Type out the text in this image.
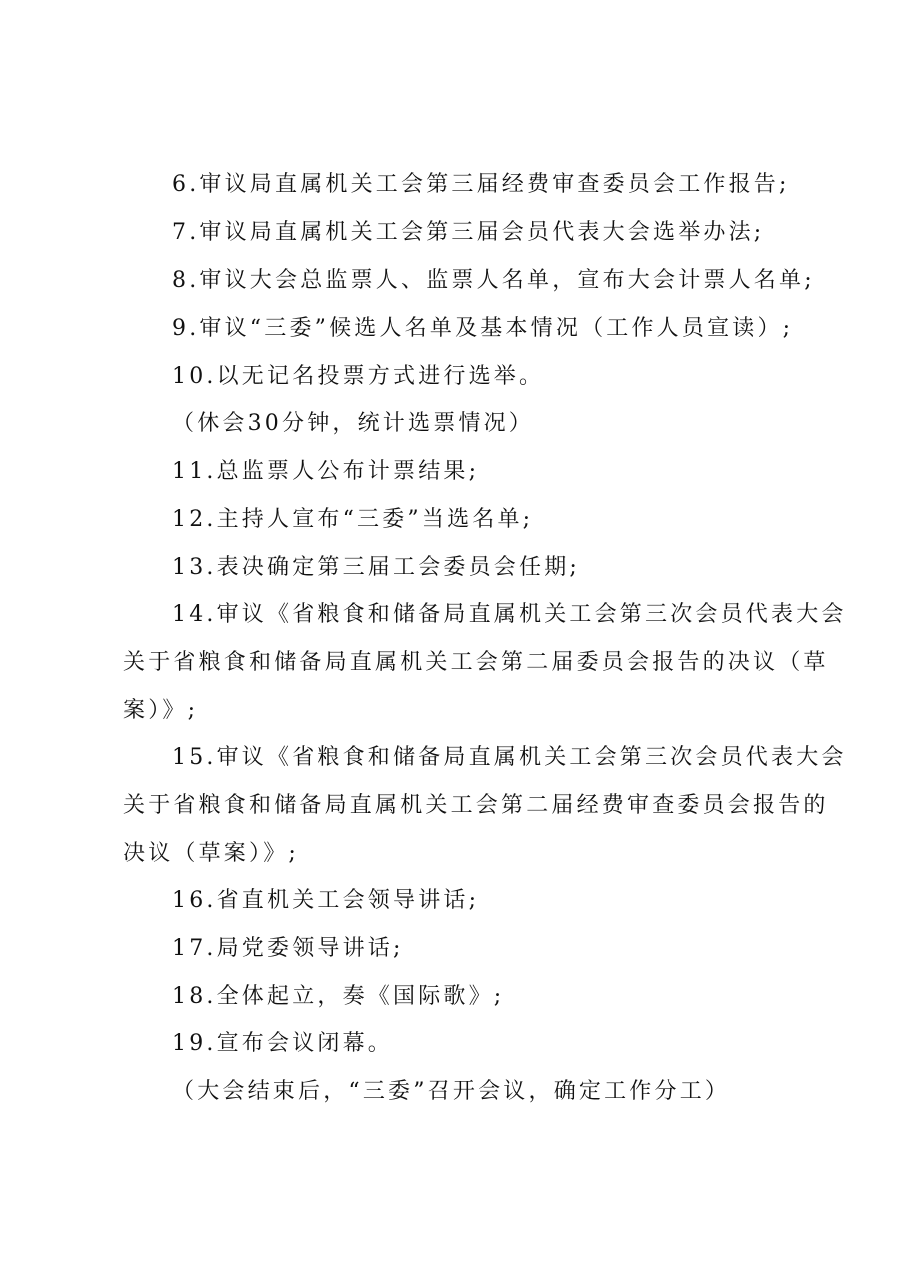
6.审议局直属机关工会第三届经费审查委员会工作报告;
7.审议局直属机关工会第三届会员代表大会选举办法;
8.审议大会总监票人、监票人名单，宣布大会计票人名单;
9.审议“三委”候选人名单及基本情况（工作人员宣读）;
10.以无记名投票方式进行选举。
（休会30分钟，统计选票情况）
11.总监票人公布计票结果;
12.主持人宣布“三委”当选名单;
13.表决确定第三届工会委员会任期;
14.审议《省粮食和储备局直属机关工会第三次会员代表大会
关于省粮食和储备局直属机关工会第二届委员会报告的决议（草
案）》;
15.审议《省粮食和储备局直属机关工会第三次会员代表大会
关于省粮食和储备局直属机关工会第二届经费审查委员会报告的
决议（草案）》;
16.省直机关工会领导讲话;
17.局党委领导讲话;
18.全体起立，奏《国际歌》;
19.宣布会议闭幕。
（大会结束后，“三委”召开会议，确定工作分工）
